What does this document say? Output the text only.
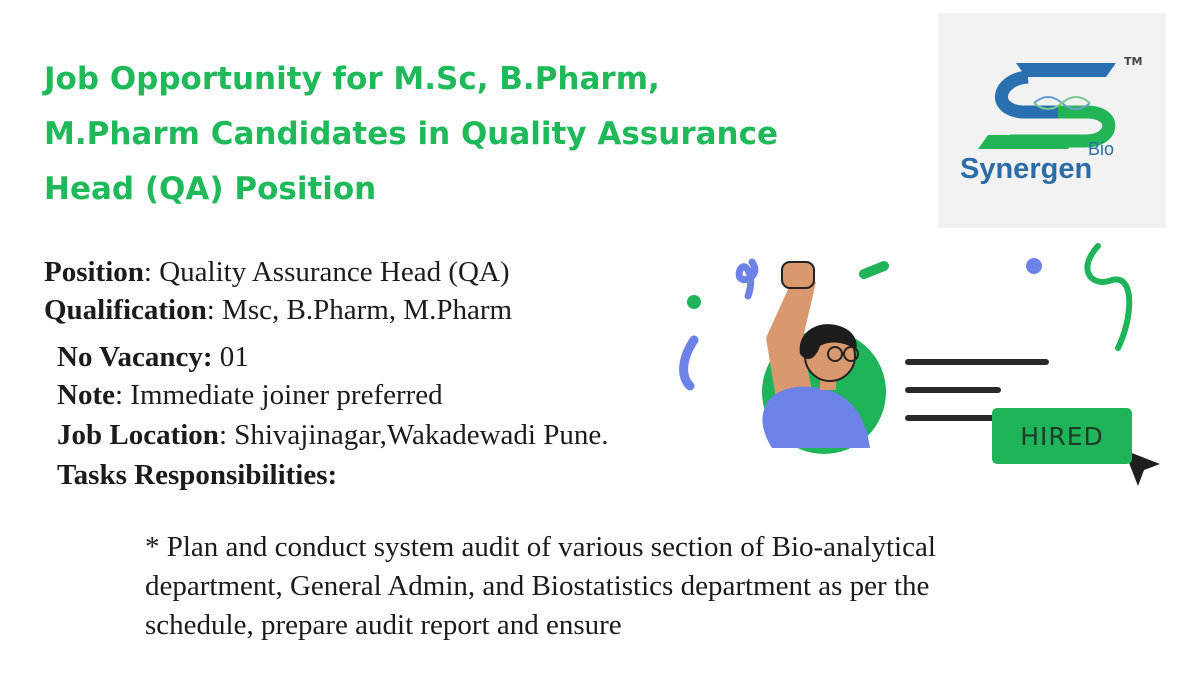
Job Opportunity for M.Sc, B.Pharm,
M.Pharm Candidates in Quality Assurance
Head (QA) Position
TM
Synergen
Bio
Position: Quality Assurance Head (QA)
Qualification: Msc, B.Pharm, M.Pharm
No Vacancy: 01
Note: Immediate joiner preferred
Job Location: Shivajinagar,Wakadewadi Pune.
Tasks Responsibilities:
* Plan and conduct system audit of various section of Bio-analytical
department, General Admin, and Biostatistics department as per the
schedule, prepare audit report and ensure
HIRED
